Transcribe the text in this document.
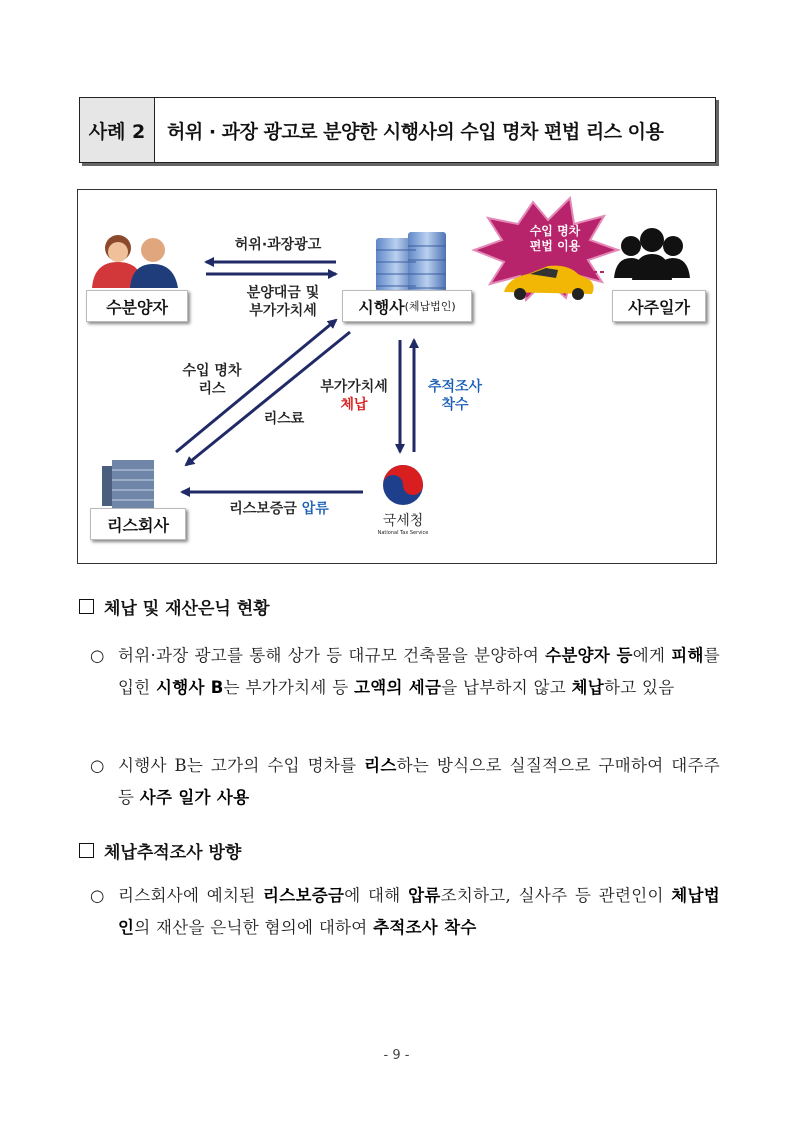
사례 2	허위 · 과장 광고로 분양한 시행사의 수입 명차 편법 리스 이용
수입 명차
편법 이용
수분양자	시행사 (체납법인)	사주일가
리스회사	국세청
National Tax Service
허위·과장광고
분양대금 및
부가가치세
수입 명차
리스
리스료
부가가치세
체납
추적조사
착수
리스보증금 압류
체납 및 재산은닉 현황
○ 허위·과장 광고를 통해 상가 등 대규모 건축물을 분양하여 수분양자 등에게 피해를 입힌 시행사 B는 부가가치세 등 고액의 세금을 납부하지 않고 체납하고 있음
○ 시행사 B는 고가의 수입 명차를 리스하는 방식으로 실질적으로 구매하여 대주주 등 사주 일가 사용
체납추적조사 방향
○ 리스회사에 예치된 리스보증금에 대해 압류조치하고, 실사주 등 관련인이 체납법인의 재산을 은닉한 혐의에 대하여 추적조사 착수
- 9 -
